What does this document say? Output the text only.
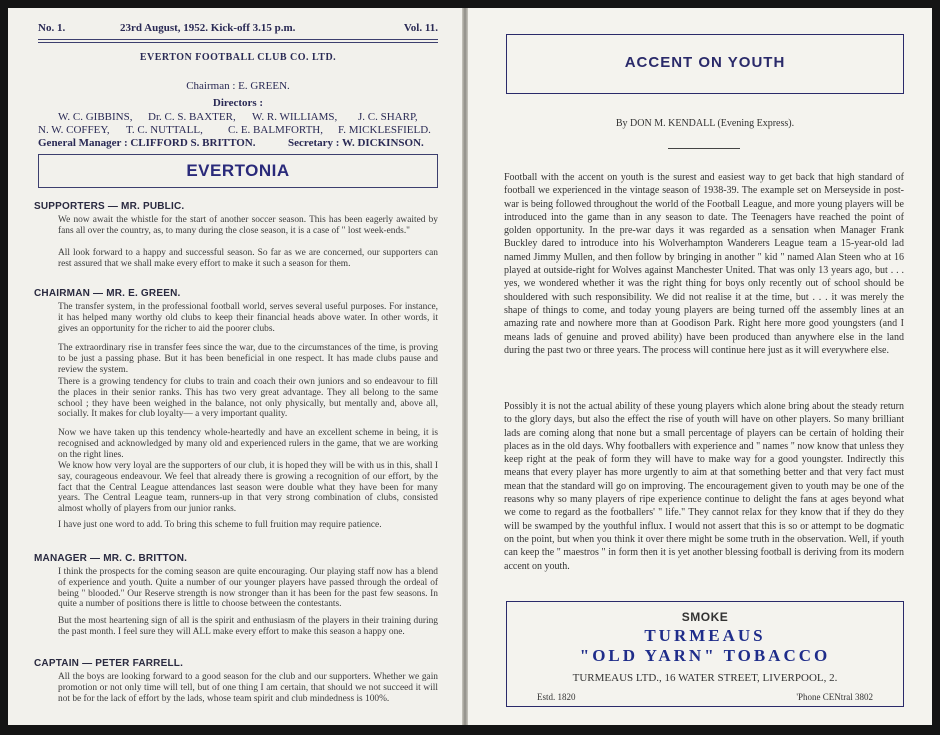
No. 1.	23rd August, 1952. Kick-off 3.15 p.m.	Vol. 11.
EVERTON FOOTBALL CLUB CO. LTD.
Chairman : E. GREEN.
Directors :
W. C. GIBBINS, Dr. C. S. BAXTER, W. R. WILLIAMS, J. C. SHARP,
N. W. COFFEY, T. C. NUTTALL, C. E. BALMFORTH, F. MICKLESFIELD.
General Manager : CLIFFORD S. BRITTON.	Secretary : W. DICKINSON.
EVERTONIA
SUPPORTERS — MR. PUBLIC.
We now await the whistle for the start of another soccer season. This has been eagerly awaited by fans all over the country, as, to many during the close season, it is a case of " lost week-ends."
All look forward to a happy and successful season. So far as we are concerned, our supporters can rest assured that we shall make every effort to make it such a season for them.
CHAIRMAN — MR. E. GREEN.
The transfer system, in the professional football world, serves several useful purposes. For instance, it has helped many worthy old clubs to keep their financial heads above water. In other words, it gives an opportunity for the richer to aid the poorer clubs.
The extraordinary rise in transfer fees since the war, due to the circumstances of the time, is proving to be just a passing phase. But it has been beneficial in one respect. It has made clubs pause and review the system.
There is a growing tendency for clubs to train and coach their own juniors and so endeavour to fill the places in their senior ranks. This has two very great advantage. They all belong to the same school ; they have been weighed in the balance, not only physically, but mentally and, above all, socially. It makes for club loyalty— a very important quality.
Now we have taken up this tendency whole-heartedly and have an excellent scheme in being, it is recognised and acknowledged by many old and experienced rulers in the game, that we are working on the right lines.
We know how very loyal are the supporters of our club, it is hoped they will be with us in this, shall I say, courageous endeavour. We feel that already there is growing a recognition of our effort, by the fact that the Central League attendances last season were double what they have been for many years. The Central League team, runners-up in that very strong combination of clubs, consisted almost wholly of players from our junior ranks.
I have just one word to add. To bring this scheme to full fruition may require patience.
MANAGER — MR. C. BRITTON.
I think the prospects for the coming season are quite encouraging. Our playing staff now has a blend of experience and youth. Quite a number of our younger players have passed through the ordeal of being " blooded." Our Reserve strength is now stronger than it has been for the past few seasons. In quite a number of positions there is little to choose between the contestants.
But the most heartening sign of all is the spirit and enthusiasm of the players in their training during the past month. I feel sure they will ALL make every effort to make this season a happy one.
CAPTAIN — PETER FARRELL.
All the boys are looking forward to a good season for the club and our supporters. Whether we gain promotion or not only time will tell, but of one thing I am certain, that should we not succeed it will not be for the lack of effort by the lads, whose team spirit and club mindedness is 100%.
ACCENT ON YOUTH
By DON M. KENDALL (Evening Express).
Football with the accent on youth is the surest and easiest way to get back that high standard of football we experienced in the vintage season of 1938-39. The example set on Merseyside in post-war is being followed throughout the world of the Football League, and more young players will be introduced into the game than in any season to date. The Teenagers have reached the point of golden opportunity. In the pre-war days it was regarded as a sensation when Manager Frank Buckley dared to introduce into his Wolverhampton Wanderers League team a 15-year-old lad named Jimmy Mullen, and then follow by bringing in another " kid " named Alan Steen who at 16 played at outside-right for Wolves against Manchester United. That was only 13 years ago, but . . . yes, we wondered whether it was the right thing for boys only recently out of school should be shouldered with such responsibility. We did not realise it at the time, but . . . it was merely the shape of things to come, and today young players are being turned off the assembly lines at an amazing rate and nowhere more than at Goodison Park. Right here more good youngsters (and I means lads of genuine and proved ability) have been produced than anywhere else in the land during the past two or three years. The process will continue here just as it will everywhere else.
Possibly it is not the actual ability of these young players which alone bring about the steady return to the glory days, but also the effect the rise of youth will have on other players. So many brilliant lads are coming along that none but a small percentage of players can be certain of holding their places as in the old days. Why footballers with experience and " names " now know that unless they keep right at the peak of form they will have to make way for a good youngster. Indirectly this means that every player has more urgently to aim at that something better and that very fact must mean that the standard will go on improving. The encouragement given to youth may be one of the reasons why so many players of ripe experience continue to delight the fans at ages beyond what we come to regard as the footballers' " life." They cannot relax for they know that if they do they will be swamped by the youthful influx. I would not assert that this is so or attempt to be dogmatic on the point, but when you think it over there might be some truth in the observation. Well, if youth can keep the " maestros " in form then it is yet another blessing football is deriving from its modern accent on youth.
SMOKE
TURMEAUS
"OLD YARN" TOBACCO
TURMEAUS LTD., 16 WATER STREET, LIVERPOOL, 2.
Estd. 1820	'Phone CENtral 3802
